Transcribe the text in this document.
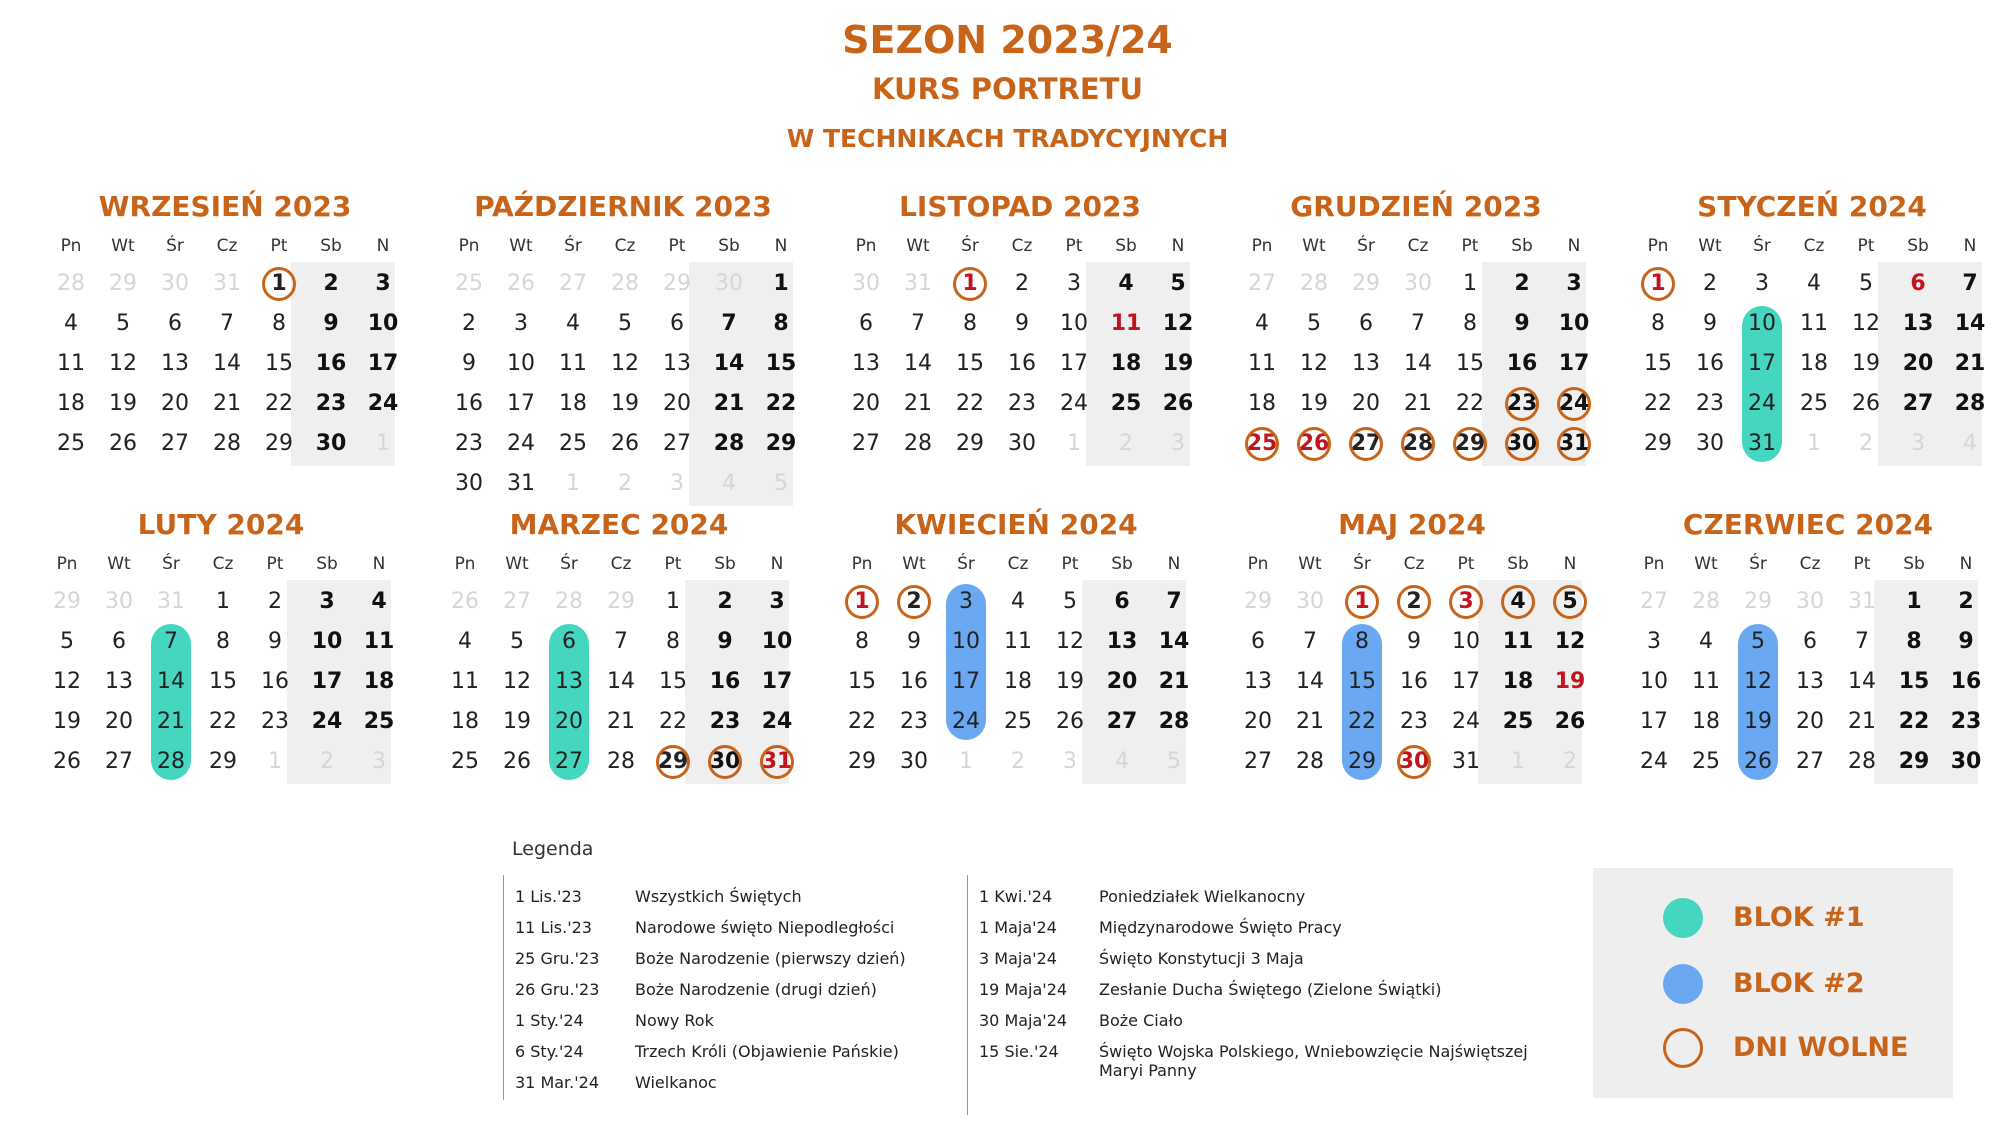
SEZON 2023/24
KURS PORTRETU
W TECHNIKACH TRADYCYJNYCH
WRZESIEŃ 2023
Pn	Wt	Śr	Cz	Pt	Sb	N
28	29	30	31	1	2	3
4	5	6	7	8	9	10
11	12	13	14	15	16 17
18	19	20	21	22	23 24
25	26	27	28	29	30	1
PAŹDZIERNIK 2023
Pn	Wt	Śr	Cz	Pt	Sb	N
25	26	27	28	29	30	1
2	3	4	5	6	7	8
9	10	11	12	13	14 15
16	17	18	19	20	21 22
23	24	25	26	27	28 29
30	31	1	2	3	4	5
LISTOPAD 2023
Pn	Wt	Śr	Cz	Pt	Sb	N
30	31	1	2	3	4	5
6	7	8	9	10	11 12
13	14	15	16	17	18 19
20	21	22	23	24	25 26
27	28	29	30	1	2	3
GRUDZIEŃ 2023
Pn	Wt	Śr	Cz	Pt	Sb	N
27	28	29	30	1	2	3
4	5	6	7	8	9	10
11	12	13	14	15	16 17
18	19	20	21	22	23 24
25 26 27 28 29 30 31
STYCZEŃ 2024
Pn	Wt	Śr	Cz	Pt	Sb	N
1	2	3	4	5	6	7
8	9	10	11	12	13 14
15	16	17	18	19	20 21
22	23	24	25	26	27 28
29	30	31	1	2	3	4
LUTY 2024
Pn	Wt	Śr	Cz	Pt	Sb	N
29	30	31	1	2	3	4
5	6	7	8	9	10 11
12	13	14	15	16	17 18
19	20	21	22	23	24 25
26	27	28	29	1	2	3
MARZEC 2024
Pn	Wt	Śr	Cz	Pt	Sb	N
26	27	28	29	1	2	3
4	5	6	7	8	9	10
11	12	13	14	15	16 17
18	19	20	21	22	23 24
25	26	27	28	29 30 31
KWIECIEŃ 2024
Pn	Wt	Śr	Cz	Pt	Sb	N
1	2	3	4	5	6	7
8	9	10	11	12	13 14
15	16	17	18	19	20 21
22	23	24	25	26	27 28
29	30	1	2	3	4	5
MAJ 2024
Pn	Wt	Śr	Cz	Pt	Sb	N
29	30	1	2	3	4	5
6	7	8	9	10	11 12
13	14	15	16	17	18 19
20	21	22	23	24	25 26
27	28	29	30	31	1	2
CZERWIEC 2024
Pn	Wt	Śr	Cz	Pt	Sb	N
27	28	29	30	31	1	2
3	4	5	6	7	8	9
10	11	12	13	14	15 16
17	18	19	20	21	22 23
24	25	26	27	28	29 30
Legenda
1 Lis.'23	Wszystkich Świętych
11 Lis.'23	Narodowe święto Niepodległości
25 Gru.'23 Boże Narodzenie (pierwszy dzień)
26 Gru.'23 Boże Narodzenie (drugi dzień)
1 Sty.'24	Nowy Rok
6 Sty.'24	Trzech Króli (Objawienie Pańskie)
31 Mar.'24 Wielkanoc
1 Kwi.'24	Poniedziałek Wielkanocny
1 Maja'24	Międzynarodowe Święto Pracy
3 Maja'24	Święto Konstytucji 3 Maja
19 Maja'24 Zesłanie Ducha Świętego (Zielone Świątki)
30 Maja'24 Boże Ciało
15 Sie.'24	Święto Wojska Polskiego, Wniebowzięcie Najświętszej Maryi Panny
BLOK #1
BLOK #2
DNI WOLNE
